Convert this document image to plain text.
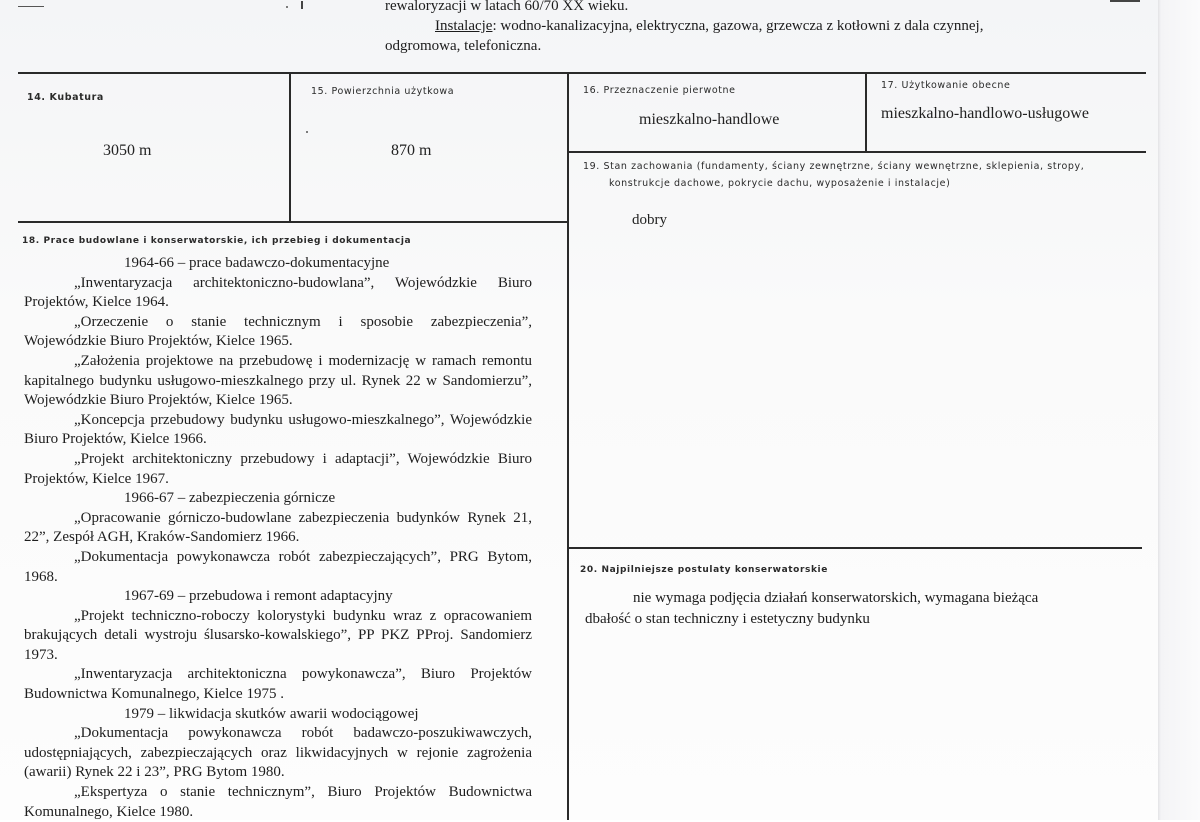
rewaloryzacji w latach 60/70 XX wieku.
Instalacje: wodno-kanalizacyjna, elektryczna, gazowa, grzewcza z kotłowni z dala czynnej,
odgromowa, telefoniczna.
14. Kubatura
3050 m
15. Powierzchnia użytkowa
870 m
16. Przeznaczenie pierwotne
mieszkalno-handlowe
17. Użytkowanie obecne
mieszkalno-handlowo-usługowe
19. Stan zachowania (fundamenty, ściany zewnętrzne, ściany wewnętrzne, sklepienia, stropy,
konstrukcje dachowe, pokrycie dachu, wyposażenie i instalacje)
dobry
18. Prace budowlane i konserwatorskie, ich przebieg i dokumentacja
1964-66 – prace badawczo-dokumentacyjne
„Inwentaryzacja architektoniczno-budowlana”, Wojewódzkie Biuro Projektów, Kielce 1964.
„Orzeczenie o stanie technicznym i sposobie zabezpieczenia”, Wojewódzkie Biuro Projektów, Kielce 1965.
„Założenia projektowe na przebudowę i modernizację w ramach remontu kapitalnego budynku usługowo-mieszkalnego przy ul. Rynek 22 w Sandomierzu”, Wojewódzkie Biuro Projektów, Kielce 1965.
„Koncepcja przebudowy budynku usługowo-mieszkalnego”, Wojewódzkie Biuro Projektów, Kielce 1966.
„Projekt architektoniczny przebudowy i adaptacji”, Wojewódzkie Biuro Projektów, Kielce 1967.
1966-67 – zabezpieczenia górnicze
„Opracowanie górniczo-budowlane zabezpieczenia budynków Rynek 21, 22”, Zespół AGH, Kraków-Sandomierz 1966.
„Dokumentacja powykonawcza robót zabezpieczających”, PRG Bytom, 1968.
1967-69 – przebudowa i remont adaptacyjny
„Projekt techniczno-roboczy kolorystyki budynku wraz z opracowaniem brakujących detali wystroju ślusarsko-kowalskiego”, PP PKZ PProj. Sandomierz 1973.
„Inwentaryzacja architektoniczna powykonawcza”, Biuro Projektów Budownictwa Komunalnego, Kielce 1975 .
1979 – likwidacja skutków awarii wodociągowej
„Dokumentacja powykonawcza robót badawczo-poszukiwawczych, udostępniających, zabezpieczających oraz likwidacyjnych w rejonie zagrożenia (awarii) Rynek 22 i 23”, PRG Bytom 1980.
„Ekspertyza o stanie technicznym”, Biuro Projektów Budownictwa Komunalnego, Kielce 1980.
20. Najpilniejsze postulaty konserwatorskie
nie wymaga podjęcia działań konserwatorskich, wymagana bieżąca dbałość o stan techniczny i estetyczny budynku
